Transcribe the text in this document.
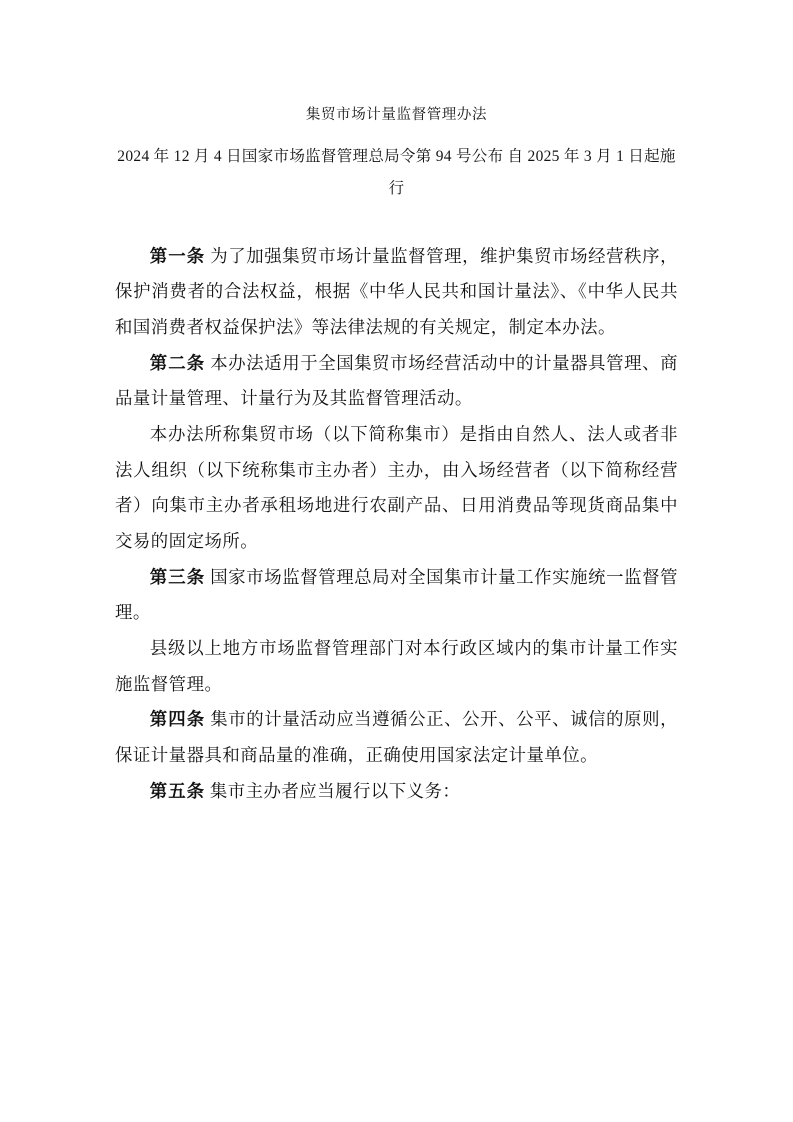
集贸市场计量监督管理办法
2024 年 12 月 4 日国家市场监督管理总局令第 94 号公布 自 2025 年 3 月 1 日起施行

第一条 为了加强集贸市场计量监督管理，维护集贸市场经营秩序，保护消费者的合法权益，根据《中华人民共和国计量法》、《中华人民共和国消费者权益保护法》等法律法规的有关规定，制定本办法。

第二条 本办法适用于全国集贸市场经营活动中的计量器具管理、商品量计量管理、计量行为及其监督管理活动。

本办法所称集贸市场（以下简称集市）是指由自然人、法人或者非法人组织（以下统称集市主办者）主办，由入场经营者（以下简称经营者）向集市主办者承租场地进行农副产品、日用消费品等现货商品集中交易的固定场所。

第三条 国家市场监督管理总局对全国集市计量工作实施统一监督管理。

县级以上地方市场监督管理部门对本行政区域内的集市计量工作实施监督管理。

第四条 集市的计量活动应当遵循公正、公开、公平、诚信的原则，保证计量器具和商品量的准确，正确使用国家法定计量单位。

第五条 集市主办者应当履行以下义务：
